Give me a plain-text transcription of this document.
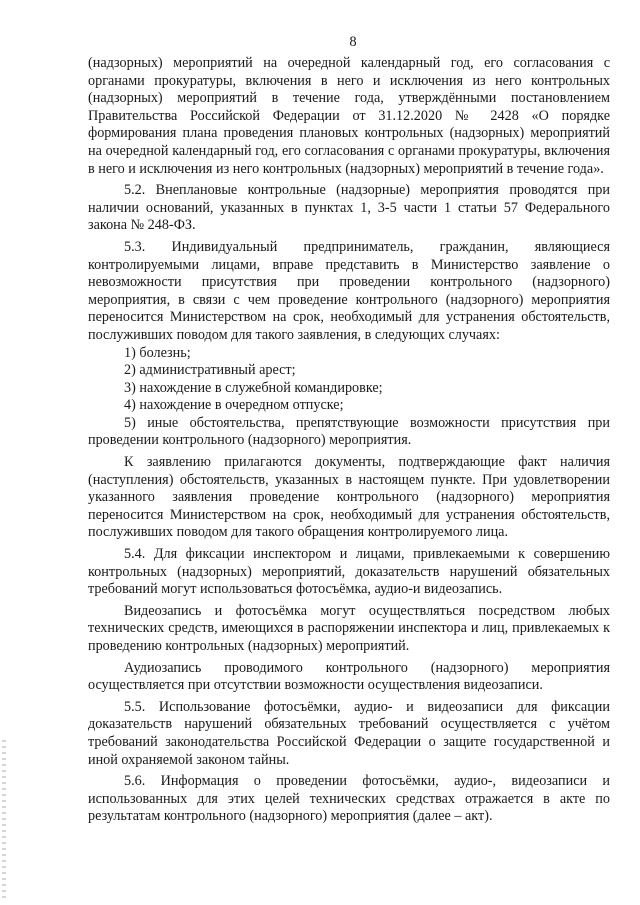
8

(надзорных) мероприятий на очередной календарный год, его согласования с органами прокуратуры, включения в него и исключения из него контрольных (надзорных) мероприятий в течение года, утверждёнными постановлением Правительства Российской Федерации от 31.12.2020 № 2428 «О порядке формирования плана проведения плановых контрольных (надзорных) мероприятий на очередной календарный год, его согласования с органами прокуратуры, включения в него и исключения из него контрольных (надзорных) мероприятий в течение года».

5.2. Внеплановые контрольные (надзорные) мероприятия проводятся при наличии оснований, указанных в пунктах 1, 3-5 части 1 статьи 57 Федерального закона № 248-ФЗ.

5.3. Индивидуальный предприниматель, гражданин, являющиеся контролируемыми лицами, вправе представить в Министерство заявление о невозможности присутствия при проведении контрольного (надзорного) мероприятия, в связи с чем проведение контрольного (надзорного) мероприятия переносится Министерством на срок, необходимый для устранения обстоятельств, послуживших поводом для такого заявления, в следующих случаях:

1) болезнь;

2) административный арест;

3) нахождение в служебной командировке;

4) нахождение в очередном отпуске;

5) иные обстоятельства, препятствующие возможности присутствия при проведении контрольного (надзорного) мероприятия.

К заявлению прилагаются документы, подтверждающие факт наличия (наступления) обстоятельств, указанных в настоящем пункте. При удовлетворении указанного заявления проведение контрольного (надзорного) мероприятия переносится Министерством на срок, необходимый для устранения обстоятельств, послуживших поводом для такого обращения контролируемого лица.

5.4. Для фиксации инспектором и лицами, привлекаемыми к совершению контрольных (надзорных) мероприятий, доказательств нарушений обязательных требований могут использоваться фотосъёмка, аудио-и видеозапись.

Видеозапись и фотосъёмка могут осуществляться посредством любых технических средств, имеющихся в распоряжении инспектора и лиц, привлекаемых к проведению контрольных (надзорных) мероприятий.

Аудиозапись проводимого контрольного (надзорного) мероприятия осуществляется при отсутствии возможности осуществления видеозаписи.

5.5. Использование фотосъёмки, аудио- и видеозаписи для фиксации доказательств нарушений обязательных требований осуществляется с учётом требований законодательства Российской Федерации о защите государственной и иной охраняемой законом тайны.

5.6. Информация о проведении фотосъёмки, аудио-, видеозаписи и использованных для этих целей технических средствах отражается в акте по результатам контрольного (надзорного) мероприятия (далее – акт).
